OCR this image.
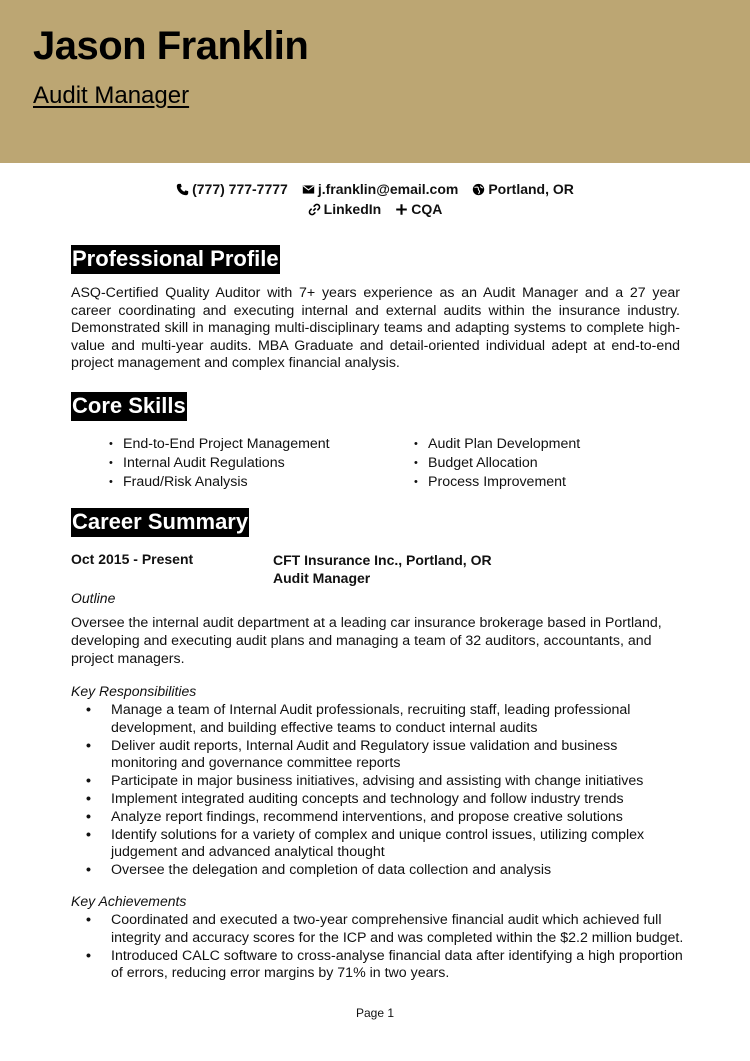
Jason Franklin
Audit Manager
(777) 777-7777 j.franklin@email.com Portland, OR
LinkedIn CQA
Professional Profile

ASQ-Certified Quality Auditor with 7+ years experience as an Audit Manager and a 27 year career coordinating and executing internal and external audits within the insurance industry. Demonstrated skill in managing multi-disciplinary teams and adapting systems to complete high-value and multi-year audits. MBA Graduate and detail-oriented individual adept at end-to-end project management and complex financial analysis.

Core Skills
• End-to-End Project Management
• Internal Audit Regulations
• Fraud/Risk Analysis
• Audit Plan Development
• Budget Allocation
• Process Improvement
Career Summary
Oct 2015 - Present	CFT Insurance Inc., Portland, OR
Audit Manager
Outline

Oversee the internal audit department at a leading car insurance brokerage based in Portland, developing and executing audit plans and managing a team of 32 auditors, accountants, and project managers.

Key Responsibilities
•	Manage a team of Internal Audit professionals, recruiting staff, leading professional development, and building effective teams to conduct internal audits
•	Deliver audit reports, Internal Audit and Regulatory issue validation and business monitoring and governance committee reports
•	Participate in major business initiatives, advising and assisting with change initiatives
•	Implement integrated auditing concepts and technology and follow industry trends
•	Analyze report findings, recommend interventions, and propose creative solutions
•	Identify solutions for a variety of complex and unique control issues, utilizing complex judgement and advanced analytical thought
•	Oversee the delegation and completion of data collection and analysis
Key Achievements
•	Coordinated and executed a two-year comprehensive financial audit which achieved full integrity and accuracy scores for the ICP and was completed within the $2.2 million budget.
•	Introduced CALC software to cross-analyse financial data after identifying a high proportion of errors, reducing error margins by 71% in two years.
Page 1
